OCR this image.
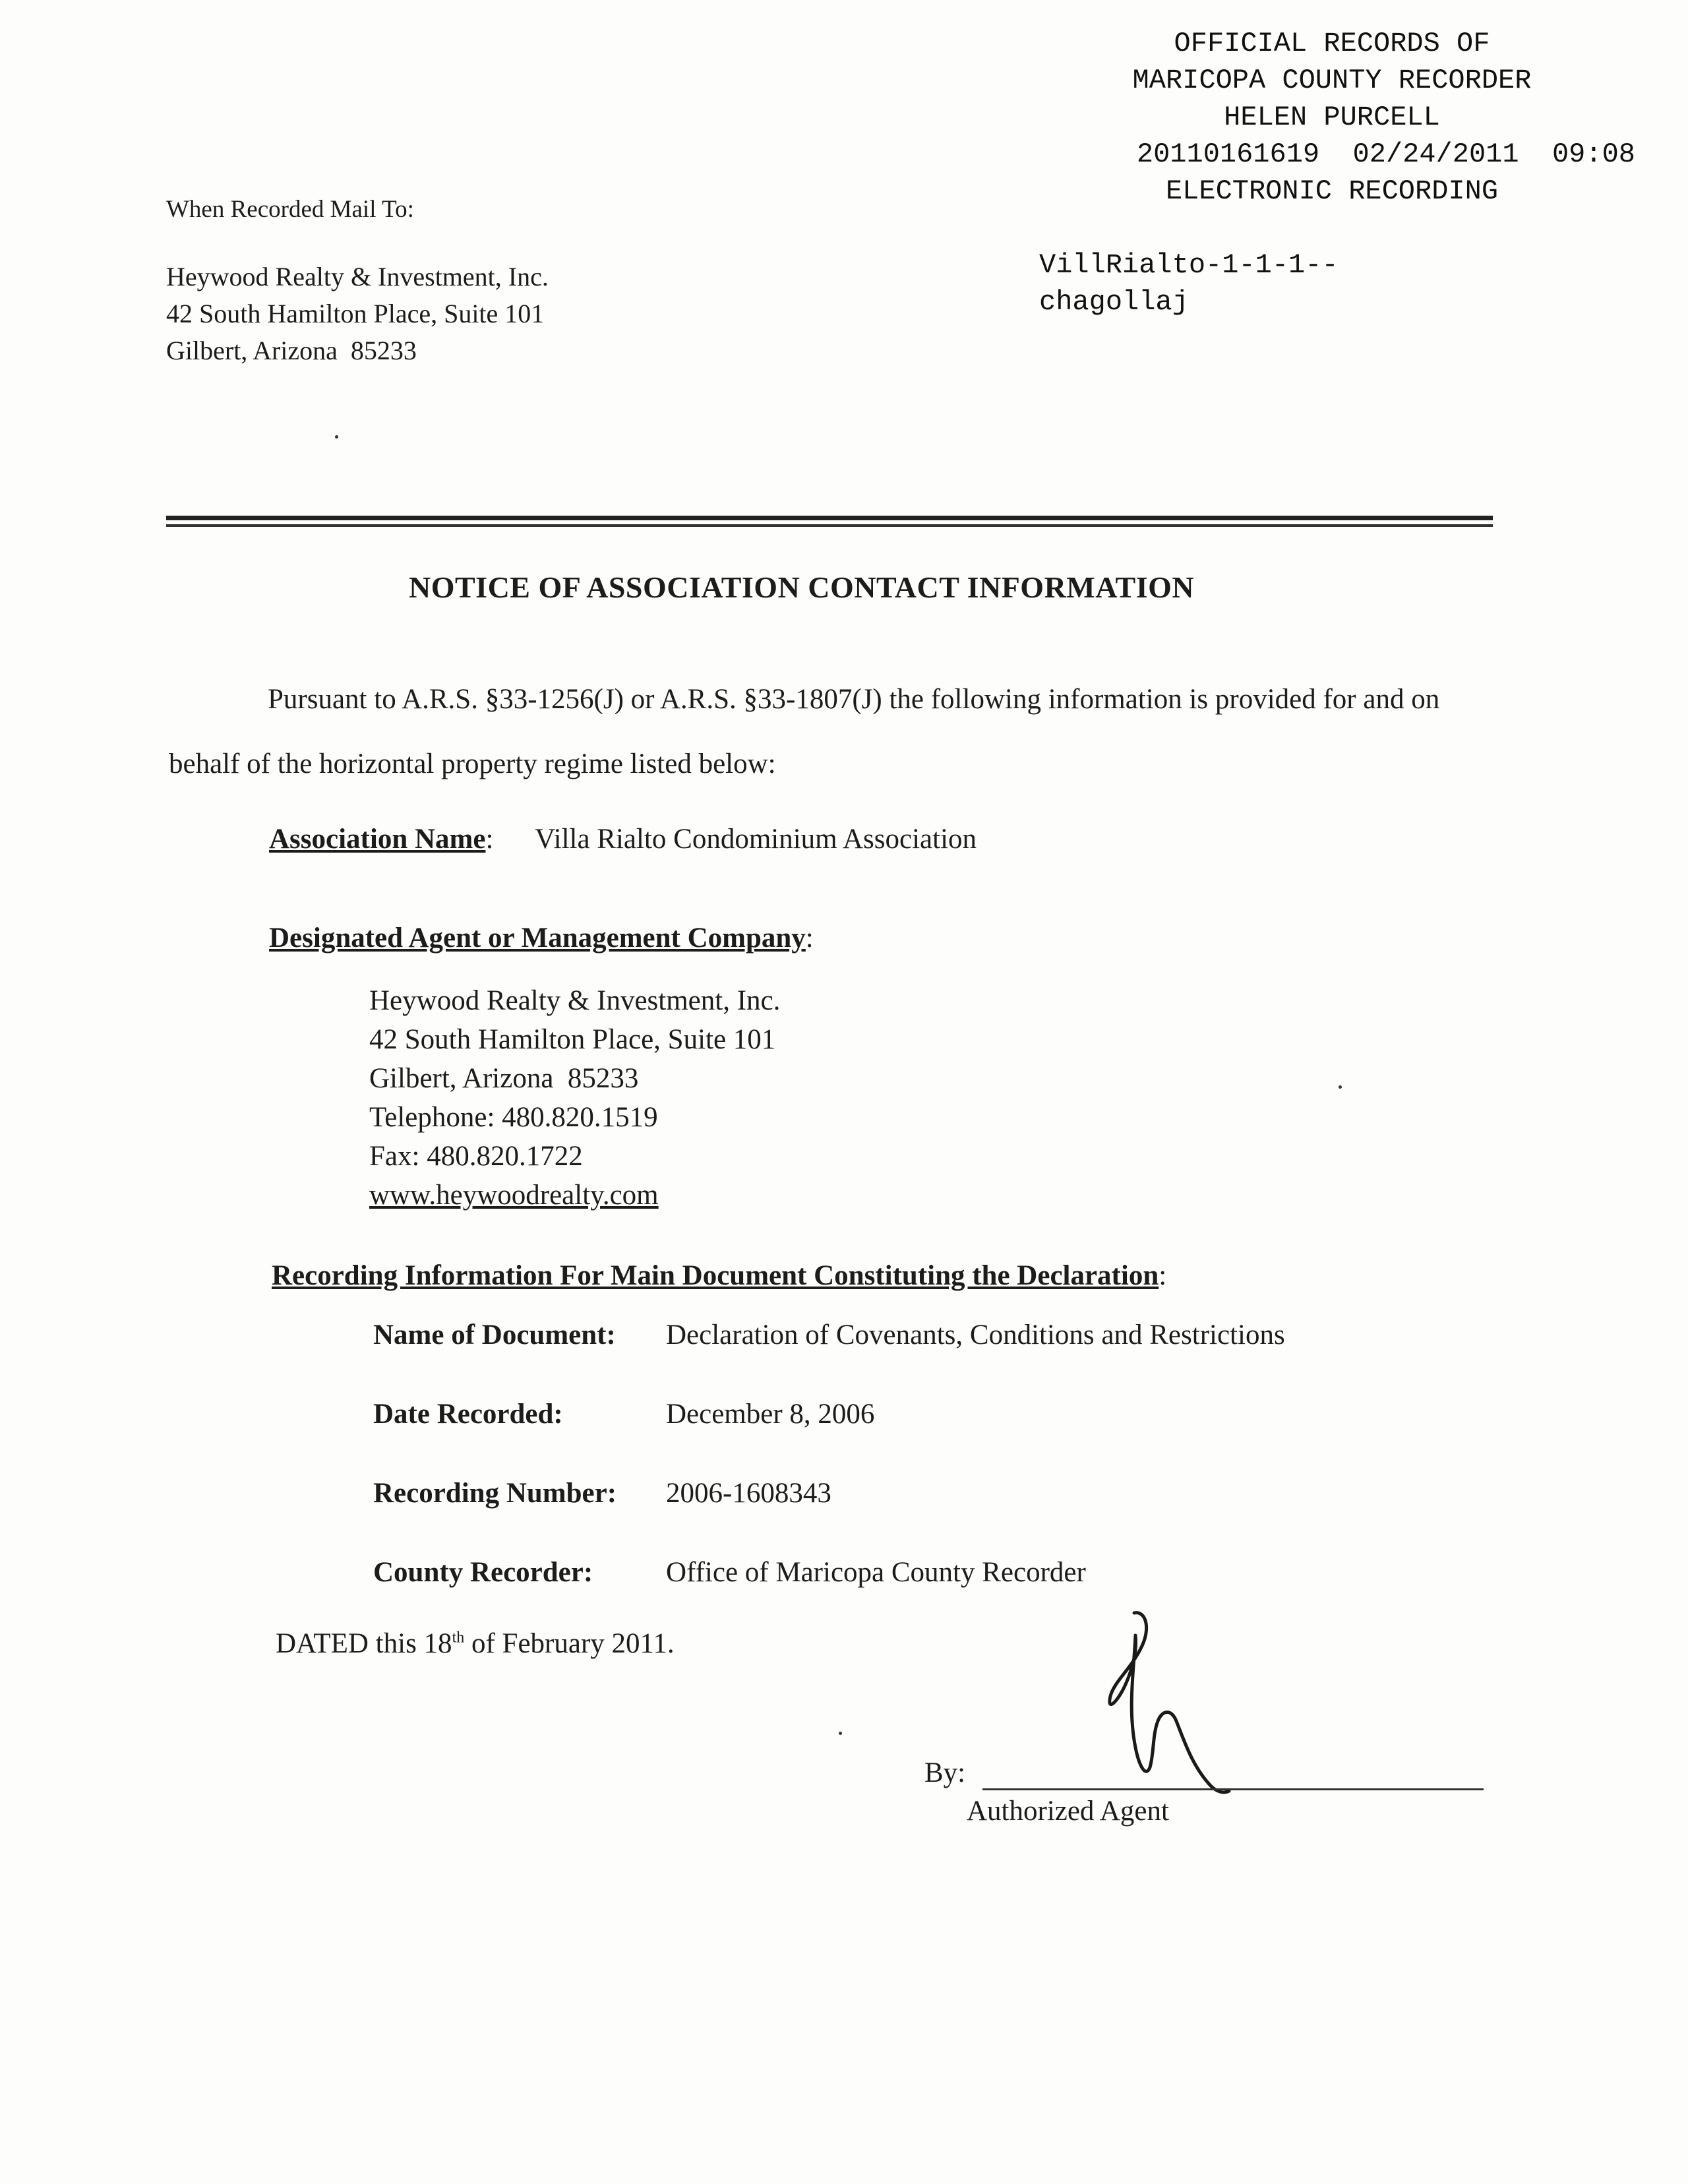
OFFICIAL RECORDS OF
MARICOPA COUNTY RECORDER
HELEN PURCELL
20110161619  02/24/2011  09:08
ELECTRONIC RECORDING
VillRialto-1-1-1--
chagollaj
When Recorded Mail To:
Heywood Realty & Investment, Inc.
42 South Hamilton Place, Suite 101
Gilbert, Arizona  85233
NOTICE OF ASSOCIATION CONTACT INFORMATION
Pursuant to A.R.S. §33-1256(J) or A.R.S. §33-1807(J) the following information is provided for and on behalf of the horizontal property regime listed below:
Association Name: Villa Rialto Condominium Association
Designated Agent or Management Company:
Heywood Realty & Investment, Inc.
42 South Hamilton Place, Suite 101
Gilbert, Arizona  85233
Telephone: 480.820.1519
Fax: 480.820.1722
www.heywoodrealty.com
Recording Information For Main Document Constituting the Declaration:
Name of Document: Declaration of Covenants, Conditions and Restrictions
Date Recorded:	December 8, 2006
Recording Number: 2006-1608343
County Recorder:	Office of Maricopa County Recorder
DATED this 18th of February 2011.
By:
Authorized Agent
